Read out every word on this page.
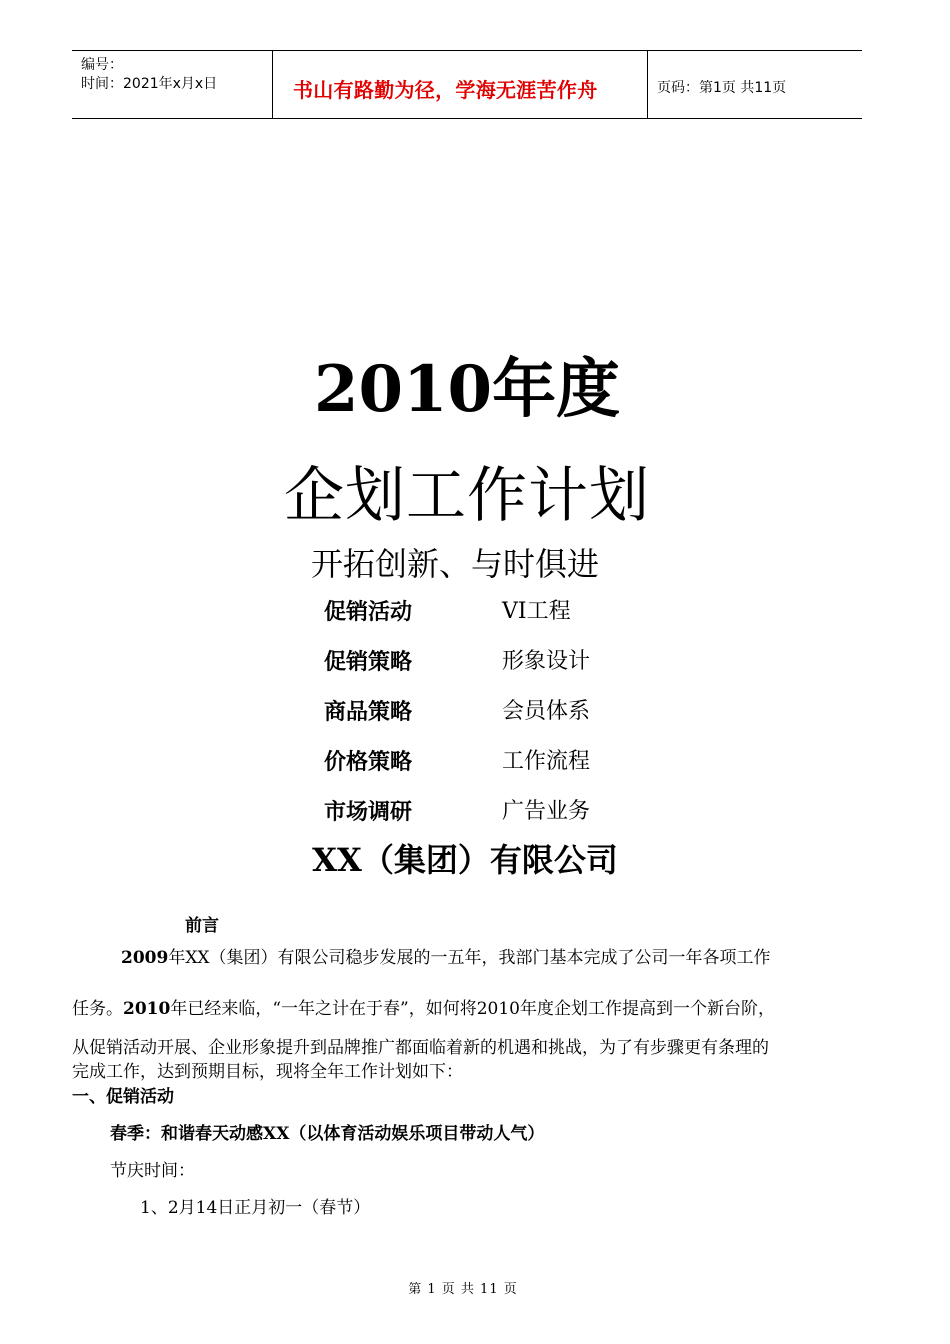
编号：
时间：2021年x月x日	书山有路勤为径，学海无涯苦作舟	页码：第1页 共11页
2010年度
企划工作计划
开拓创新、与时俱进
促销活动	VI工程
促销策略	形象设计
商品策略	会员体系
价格策略	工作流程
市场调研	广告业务
XX（集团）有限公司
前言
2009年XX（集团）有限公司稳步发展的一五年，我部门基本完成了公司一年各项工作
任务。2010年已经来临，“一年之计在于春”，如何将2010年度企划工作提高到一个新台阶，
从促销活动开展、企业形象提升到品牌推广都面临着新的机遇和挑战，为了有步骤更有条理的
完成工作，达到预期目标，现将全年工作计划如下：
一、促销活动
春季：和谐春天动感XX（以体育活动娱乐项目带动人气）
节庆时间：
1、2月14日正月初一（春节）
第 1 页 共 11 页
